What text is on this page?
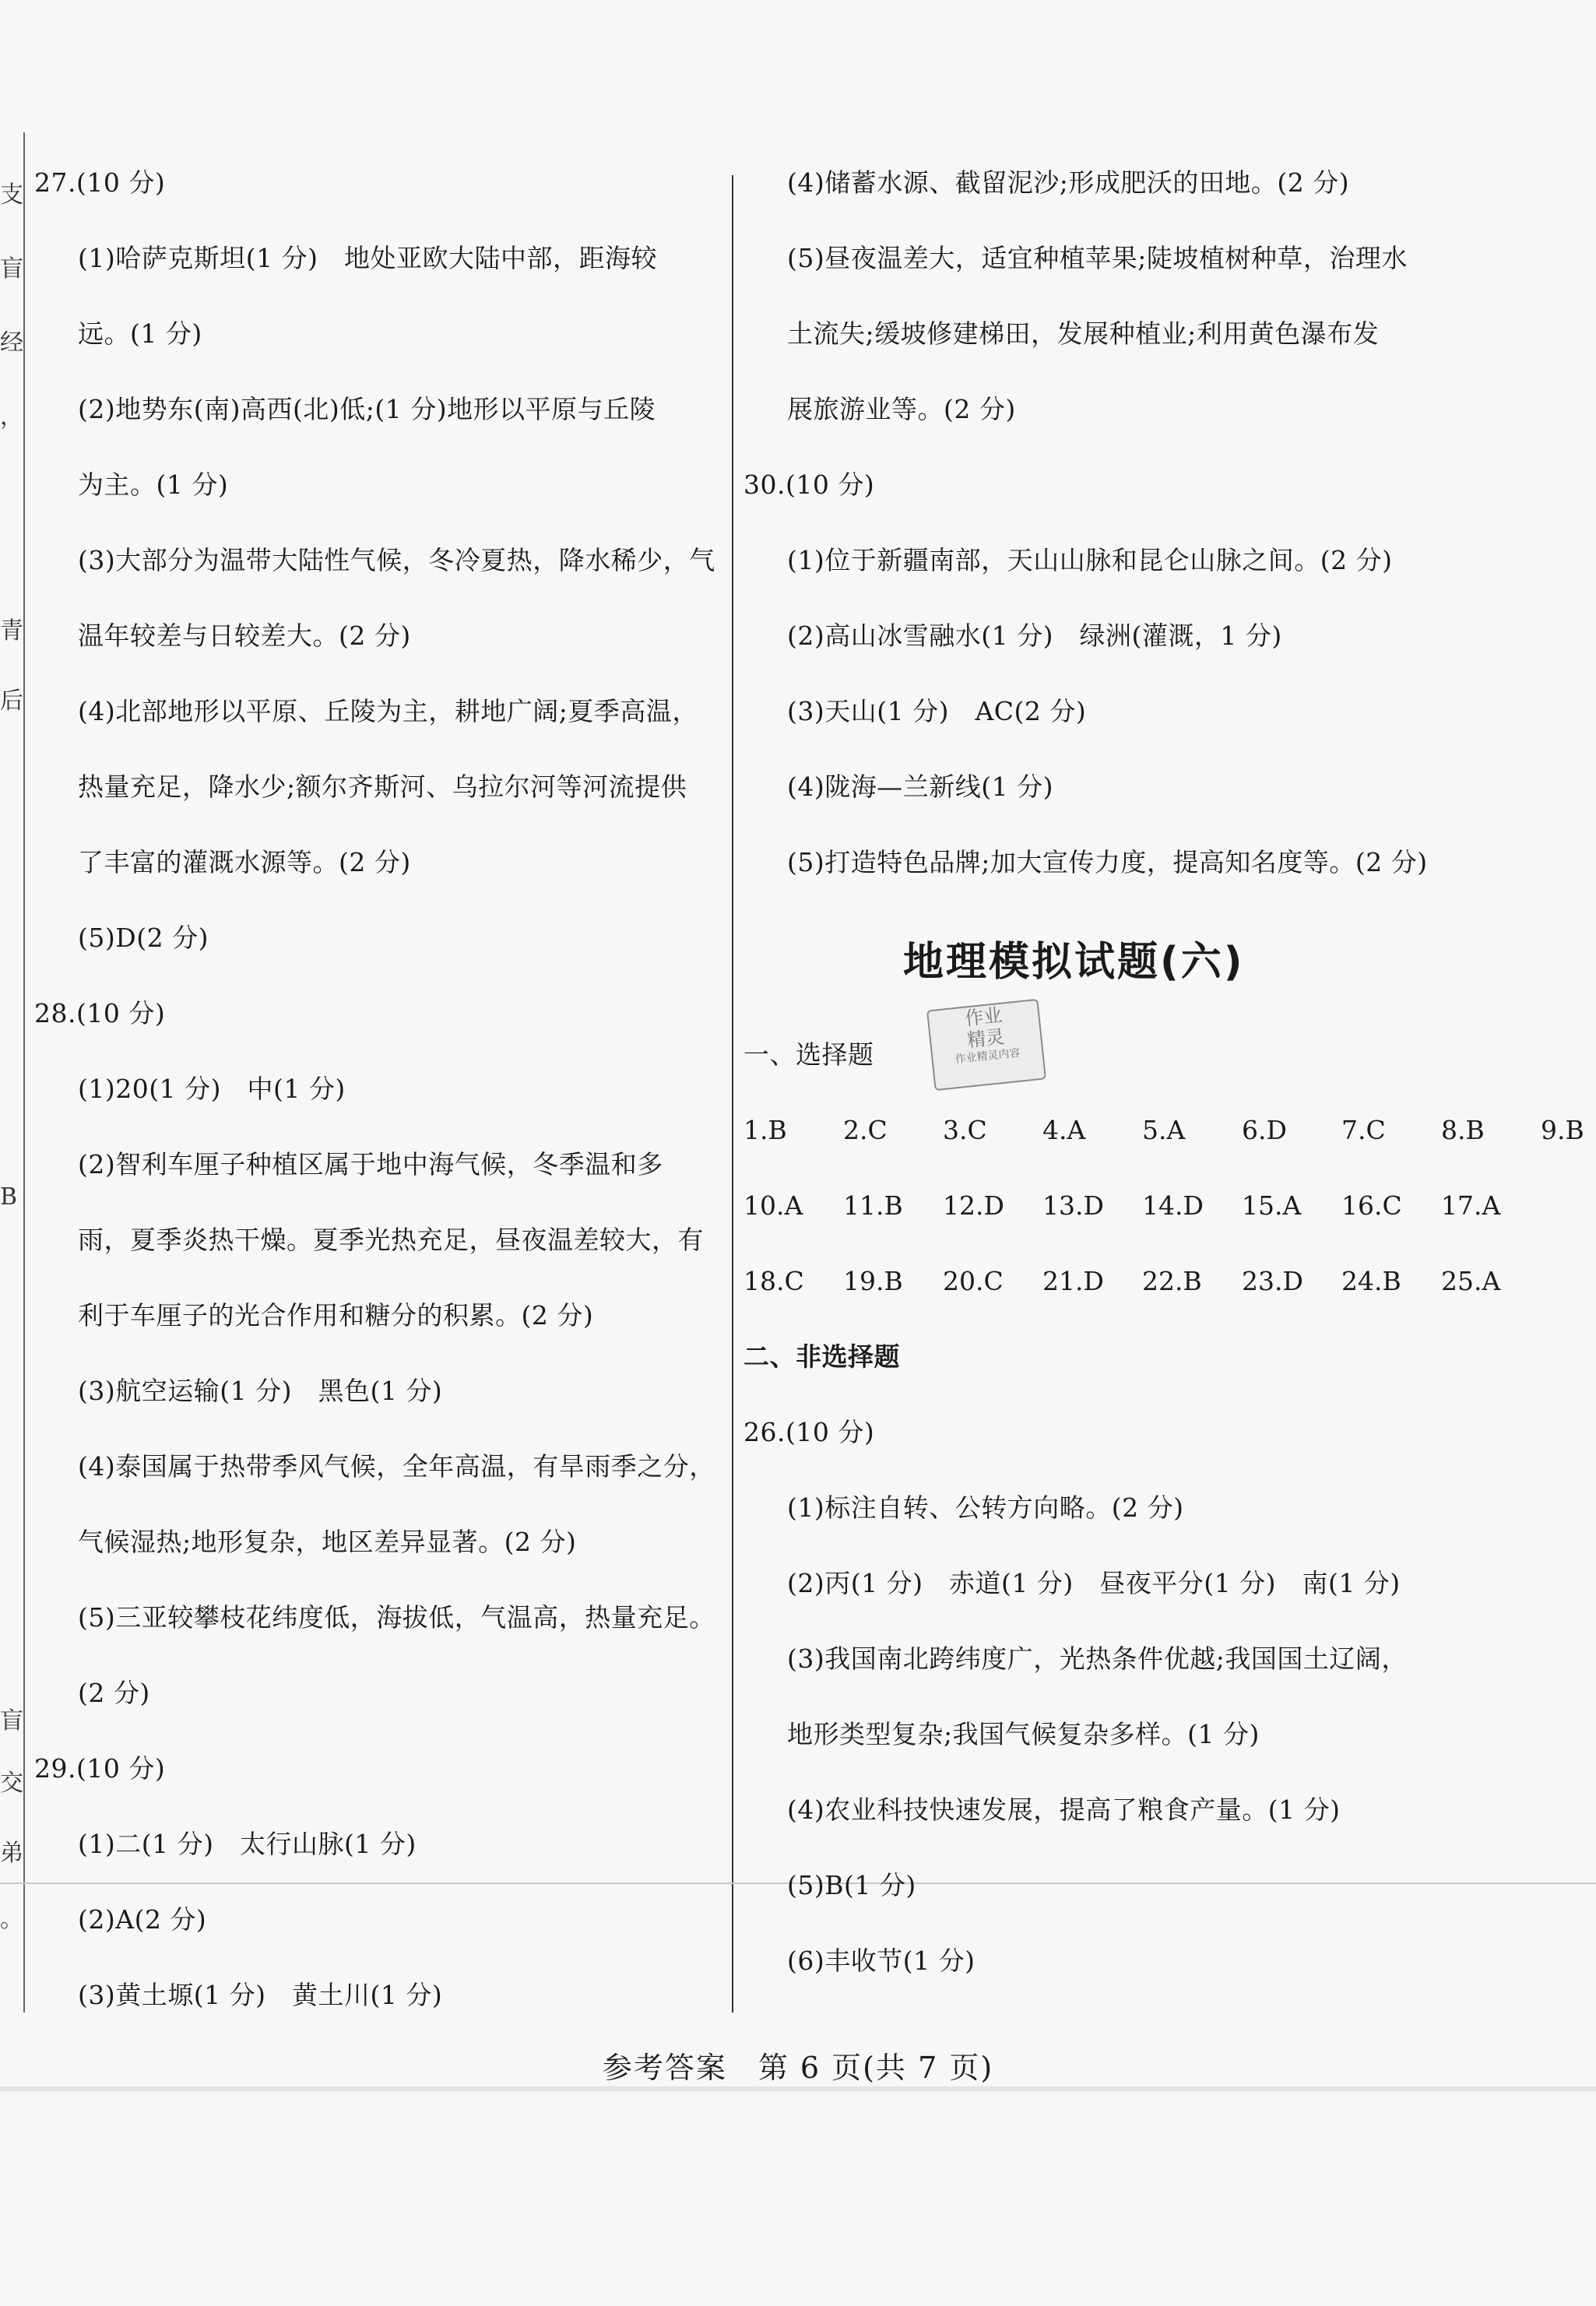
支
盲
经
，
青
后
B
盲
交
弟
。
27.(10 分)
(1)哈萨克斯坦(1 分)　地处亚欧大陆中部，距海较
远。(1 分)
(2)地势东(南)高西(北)低;(1 分)地形以平原与丘陵
为主。(1 分)
(3)大部分为温带大陆性气候，冬冷夏热，降水稀少，气
温年较差与日较差大。(2 分)
(4)北部地形以平原、丘陵为主，耕地广阔;夏季高温，
热量充足，降水少;额尔齐斯河、乌拉尔河等河流提供
了丰富的灌溉水源等。(2 分)
(5)D(2 分)
28.(10 分)
(1)20(1 分)　中(1 分)
(2)智利车厘子种植区属于地中海气候，冬季温和多
雨，夏季炎热干燥。夏季光热充足，昼夜温差较大，有
利于车厘子的光合作用和糖分的积累。(2 分)
(3)航空运输(1 分)　黑色(1 分)
(4)泰国属于热带季风气候，全年高温，有旱雨季之分，
气候湿热;地形复杂，地区差异显著。(2 分)
(5)三亚较攀枝花纬度低，海拔低，气温高，热量充足。
(2 分)
29.(10 分)
(1)二(1 分)　太行山脉(1 分)
(2)A(2 分)
(3)黄土塬(1 分)　黄土川(1 分)
(4)储蓄水源、截留泥沙;形成肥沃的田地。(2 分)
(5)昼夜温差大，适宜种植苹果;陡坡植树种草，治理水
土流失;缓坡修建梯田，发展种植业;利用黄色瀑布发
展旅游业等。(2 分)
30.(10 分)
(1)位于新疆南部，天山山脉和昆仑山脉之间。(2 分)
(2)高山冰雪融水(1 分)　绿洲(灌溉，1 分)
(3)天山(1 分)　AC(2 分)
(4)陇海—兰新线(1 分)
(5)打造特色品牌;加大宣传力度，提高知名度等。(2 分)
地理模拟试题(六)
作业
精灵
作业精灵内容
一、选择题
1.B 2.C 3.C 4.A 5.A 6.D 7.C 8.B 9.B
10.A 11.B 12.D 13.D 14.D 15.A 16.C 17.A
18.C 19.B 20.C 21.D 22.B 23.D 24.B 25.A
二、非选择题
26.(10 分)
(1)标注自转、公转方向略。(2 分)
(2)丙(1 分)　赤道(1 分)　昼夜平分(1 分)　南(1 分)
(3)我国南北跨纬度广，光热条件优越;我国国土辽阔，
地形类型复杂;我国气候复杂多样。(1 分)
(4)农业科技快速发展，提高了粮食产量。(1 分)
(5)B(1 分)
(6)丰收节(1 分)
参考答案　第 6 页(共 7 页)
